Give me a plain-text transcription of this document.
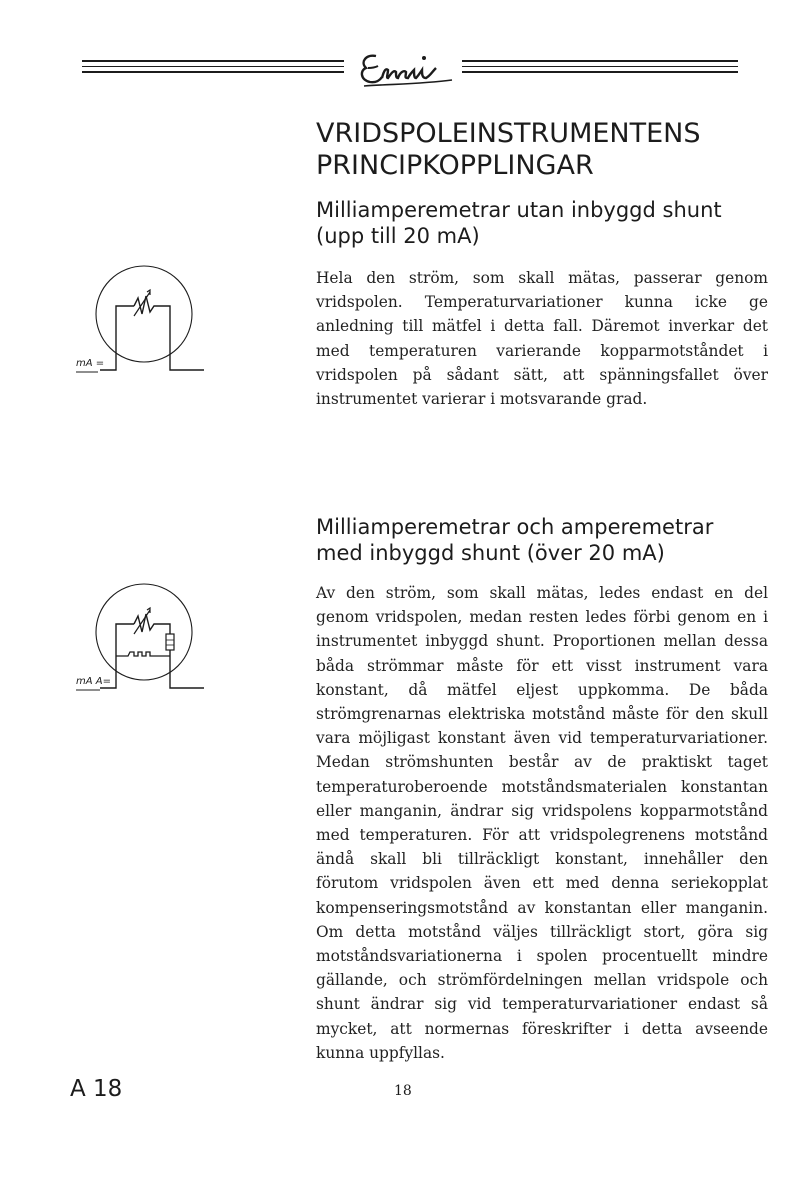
VRIDSPOLEINSTRUMENTENS PRINCIPKOPPLINGAR
Milliamperemetrar utan inbyggd shunt (upp till 20 mA)
mA =

Hela den ström, som skall mätas, passerar genom vridspolen. Temperaturvariationer kunna icke ge anledning till mätfel i detta fall. Däremot inverkar det med temperaturen varierande kopparmotståndet i vridspolen på sådant sätt, att spänningsfallet över instrumentet varierar i motsvarande grad.

Milliamperemetrar och amperemetrar med inbyggd shunt (över 20 mA)
mA A=

Av den ström, som skall mätas, ledes endast en del genom vridspolen, medan resten ledes förbi genom en i instrumentet inbyggd shunt. Proportionen mellan dessa båda strömmar måste för ett visst instrument vara konstant, då mätfel eljest uppkomma. De båda strömgrenarnas elektriska motstånd måste för den skull vara möjligast konstant även vid temperaturvariationer. Medan strömshunten består av de praktiskt taget temperaturoberoende motståndsmaterialen konstantan eller manganin, ändrar sig vridspolens kopparmotstånd med temperaturen. För att vridspolegrenens motstånd ändå skall bli tillräckligt konstant, innehåller den förutom vridspolen även ett med denna seriekopplat kompenseringsmotstånd av konstantan eller manganin. Om detta motstånd väljes tillräckligt stort, göra sig motståndsvariationerna i spolen procentuellt mindre gällande, och strömfördelningen mellan vridspole och shunt ändrar sig vid temperaturvariationer endast så mycket, att normernas föreskrifter i detta avseende kunna uppfyllas.

A 18	18
